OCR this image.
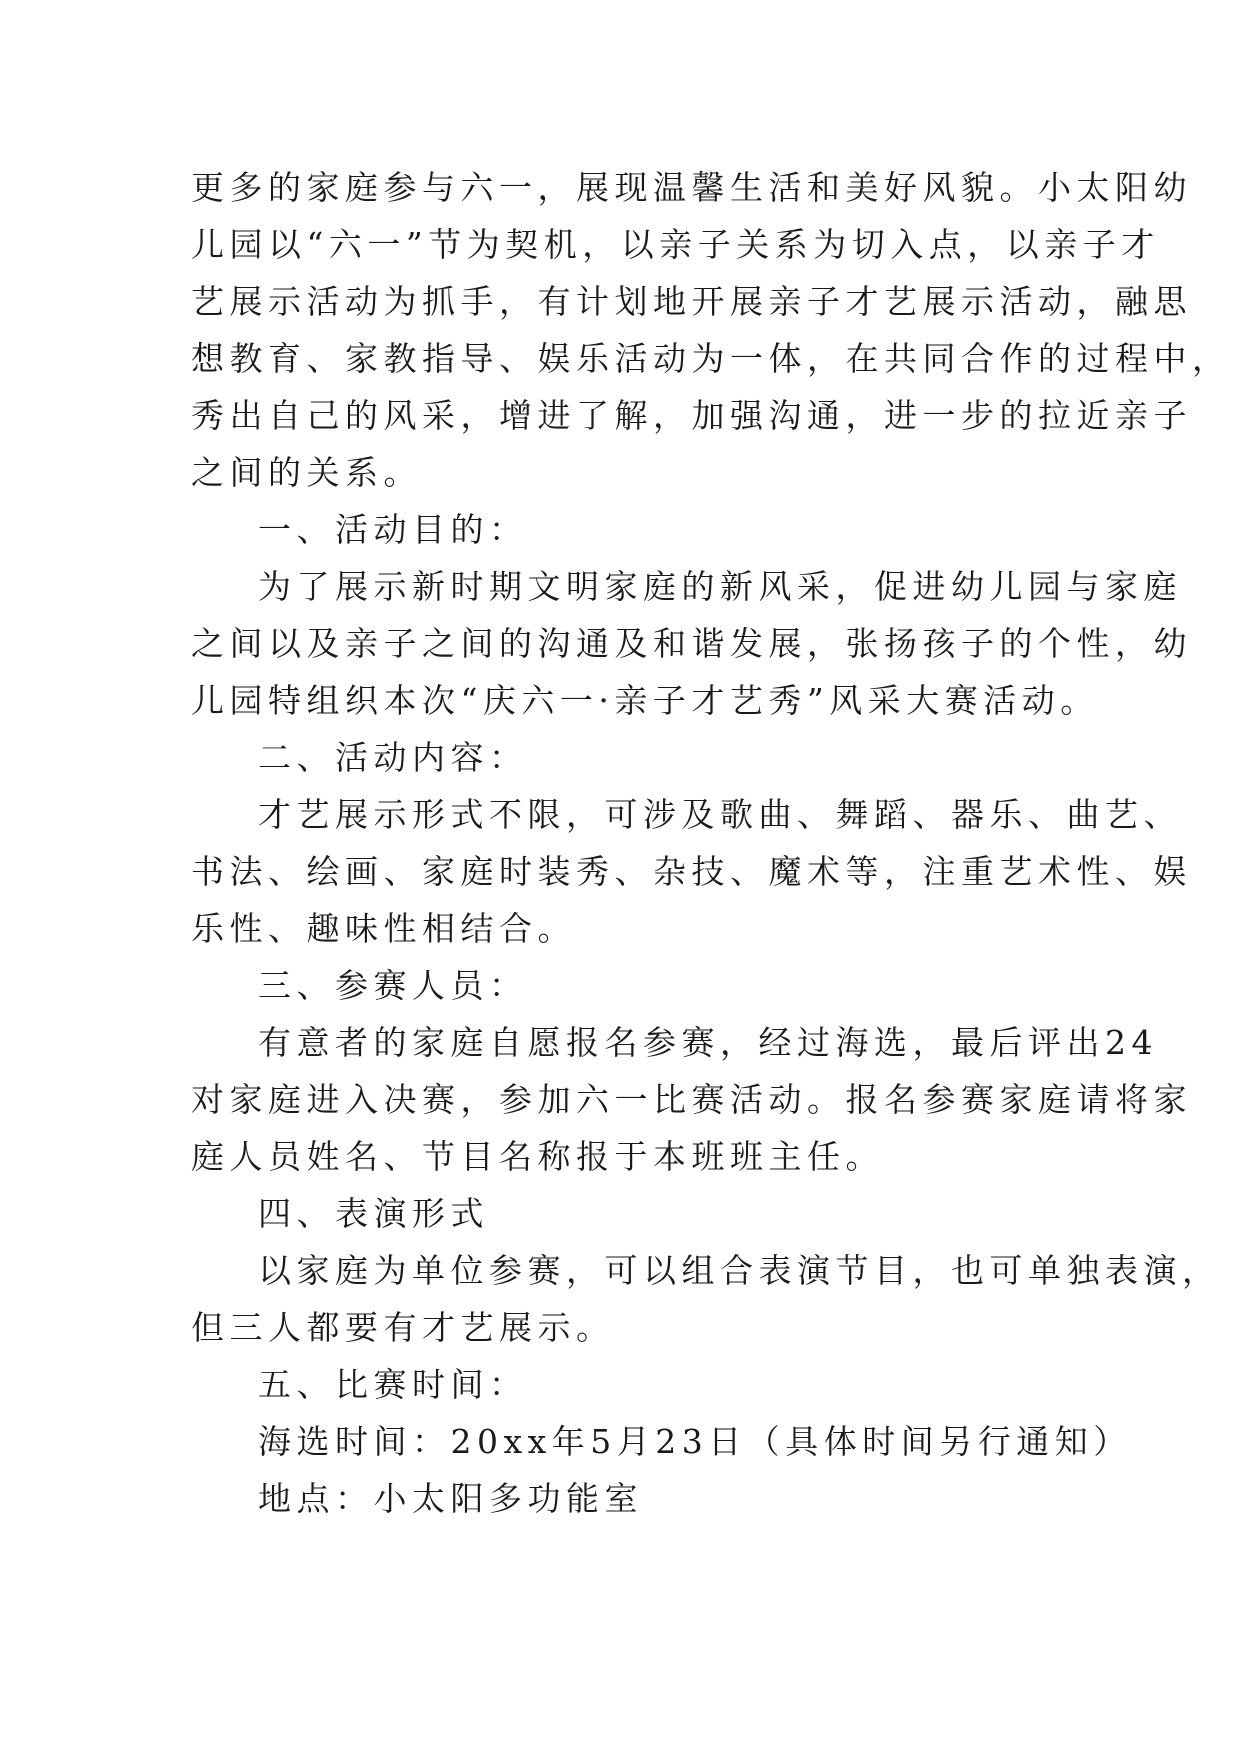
更多的家庭参与六一，展现温馨生活和美好风貌。小太阳幼
儿园以“六一”节为契机，以亲子关系为切入点，以亲子才
艺展示活动为抓手，有计划地开展亲子才艺展示活动，融思
想教育、家教指导、娱乐活动为一体，在共同合作的过程中，
秀出自己的风采，增进了解，加强沟通，进一步的拉近亲子
之间的关系。
一、活动目的：
为了展示新时期文明家庭的新风采，促进幼儿园与家庭
之间以及亲子之间的沟通及和谐发展，张扬孩子的个性，幼
儿园特组织本次“庆六一·亲子才艺秀”风采大赛活动。
二、活动内容：
才艺展示形式不限，可涉及歌曲、舞蹈、器乐、曲艺、
书法、绘画、家庭时装秀、杂技、魔术等，注重艺术性、娱
乐性、趣味性相结合。
三、参赛人员：
有意者的家庭自愿报名参赛，经过海选，最后评出24
对家庭进入决赛，参加六一比赛活动。报名参赛家庭请将家
庭人员姓名、节目名称报于本班班主任。
四、表演形式
以家庭为单位参赛，可以组合表演节目，也可单独表演，
但三人都要有才艺展示。
五、比赛时间：
海选时间：20xx年5月23日（具体时间另行通知）
地点：小太阳多功能室
